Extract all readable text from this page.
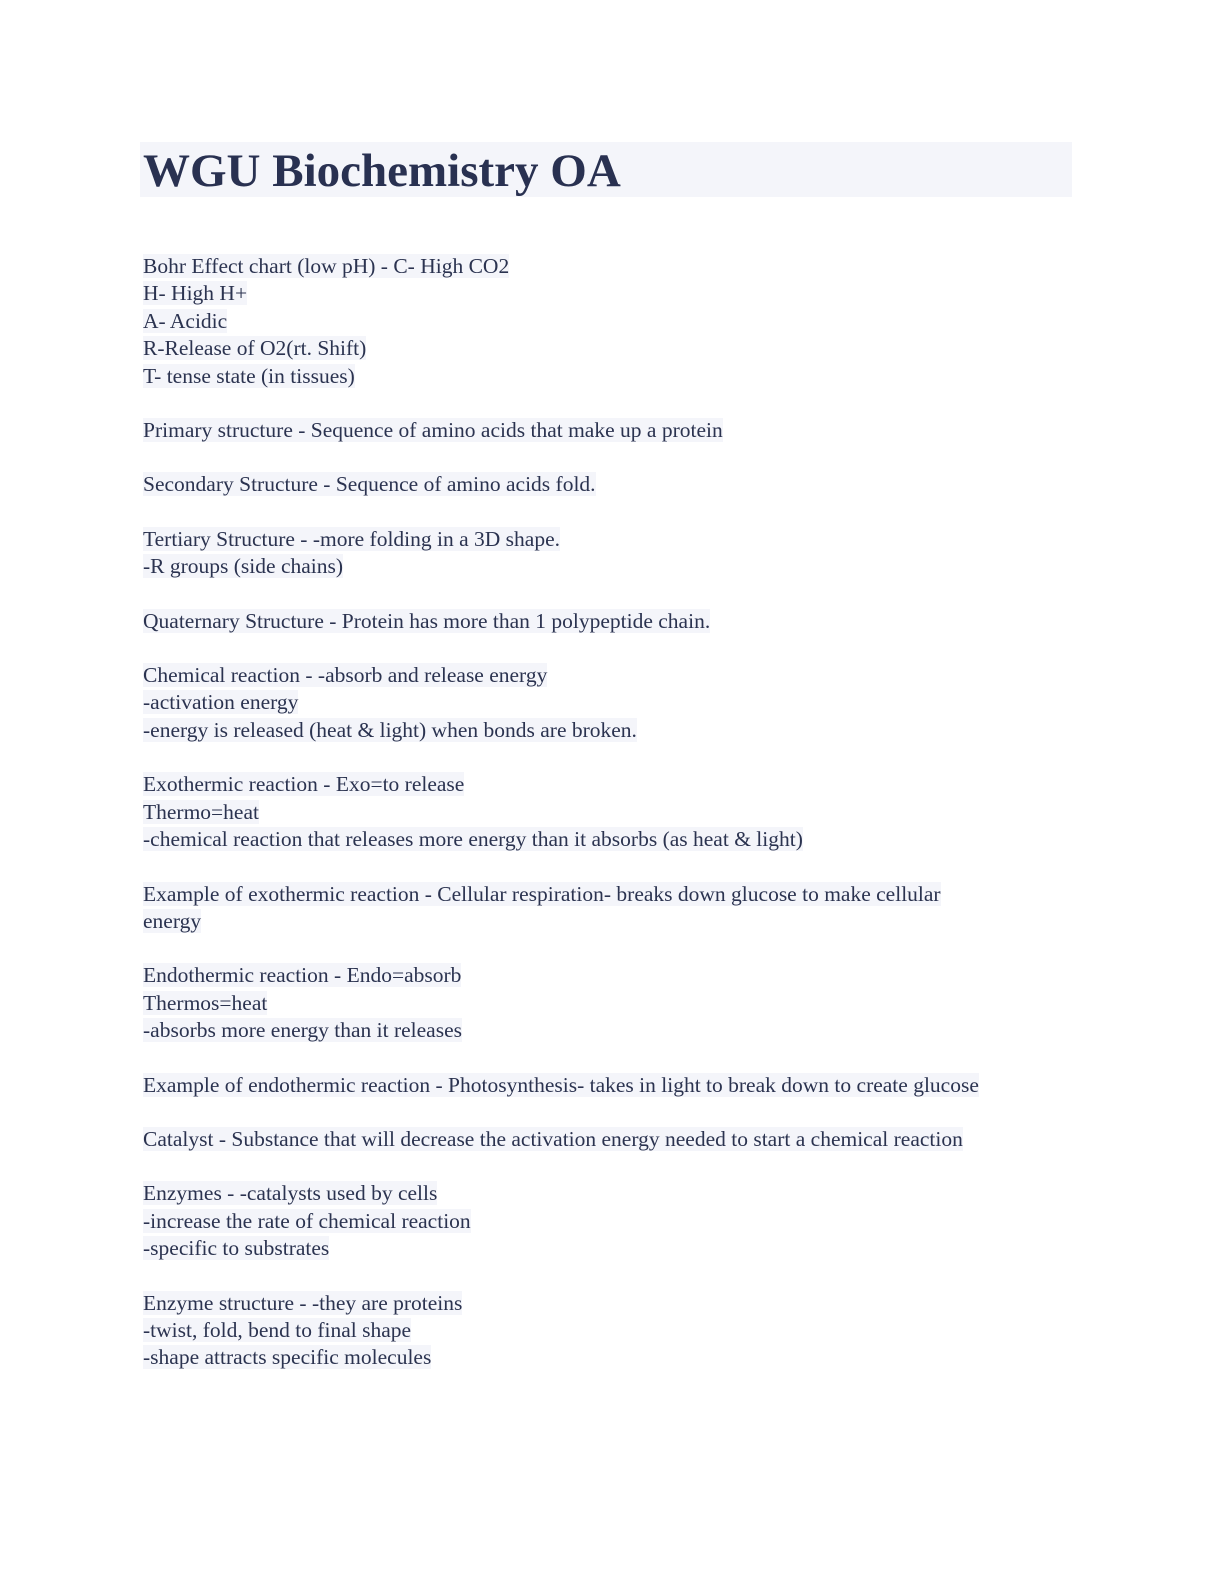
WGU Biochemistry OA
Bohr Effect chart (low pH) - C- High CO2
H- High H+
A- Acidic
R-Release of O2(rt. Shift)
T- tense state (in tissues)
Primary structure - Sequence of amino acids that make up a protein
Secondary Structure - Sequence of amino acids fold.
Tertiary Structure - -more folding in a 3D shape.
-R groups (side chains)
Quaternary Structure - Protein has more than 1 polypeptide chain.
Chemical reaction - -absorb and release energy
-activation energy
-energy is released (heat & light) when bonds are broken.
Exothermic reaction - Exo=to release
Thermo=heat
-chemical reaction that releases more energy than it absorbs (as heat & light)
Example of exothermic reaction - Cellular respiration- breaks down glucose to make cellular
energy
Endothermic reaction - Endo=absorb
Thermos=heat
-absorbs more energy than it releases
Example of endothermic reaction - Photosynthesis- takes in light to break down to create glucose
Catalyst - Substance that will decrease the activation energy needed to start a chemical reaction
Enzymes - -catalysts used by cells
-increase the rate of chemical reaction
-specific to substrates
Enzyme structure - -they are proteins
-twist, fold, bend to final shape
-shape attracts specific molecules
